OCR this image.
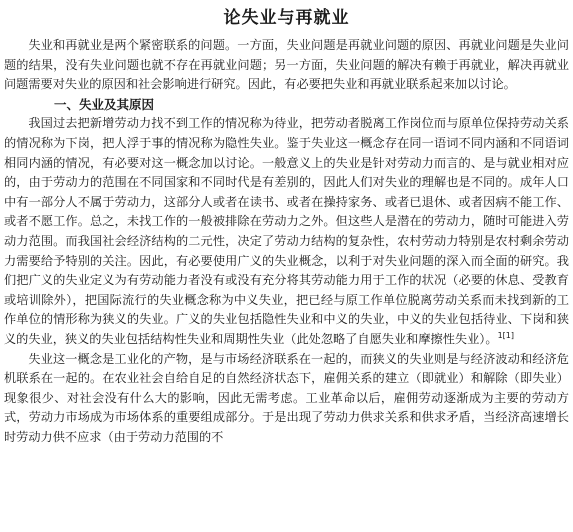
论失业与再就业

失业和再就业是两个紧密联系的问题。一方面，失业问题是再就业问题的原因、再就业问题是失业问题的结果，没有失业问题也就不存在再就业问题；另一方面，失业问题的解决有赖于再就业，解决再就业问题需要对失业的原因和社会影响进行研究。因此，有必要把失业和再就业联系起来加以讨论。

一、失业及其原因

我国过去把新增劳动力找不到工作的情况称为待业，把劳动者脱离工作岗位而与原单位保持劳动关系的情况称为下岗，把人浮于事的情况称为隐性失业。鉴于失业这一概念存在同一语词不同内涵和不同语词相同内涵的情况，有必要对这一概念加以讨论。一般意义上的失业是针对劳动力而言的、是与就业相对应的，由于劳动力的范围在不同国家和不同时代是有差别的，因此人们对失业的理解也是不同的。成年人口中有一部分人不属于劳动力，这部分人或者在读书、或者在操持家务、或者已退休、或者因病不能工作、或者不愿工作。总之，未找工作的一般被排除在劳动力之外。但这些人是潜在的劳动力，随时可能进入劳动力范围。而我国社会经济结构的二元性，决定了劳动力结构的复杂性，农村劳动力特别是农村剩余劳动力需要给予特别的关注。因此，有必要使用广义的失业概念，以利于对失业问题的深入而全面的研究。我们把广义的失业定义为有劳动能力者没有或没有充分将其劳动能力用于工作的状况（必要的休息、受教育或培训除外），把国际流行的失业概念称为中义失业，把已经与原工作单位脱离劳动关系而未找到新的工作单位的情形称为狭义的失业。广义的失业包括隐性失业和中义的失业，中义的失业包括待业、下岗和狭义的失业，狭义的失业包括结构性失业和周期性失业（此处忽略了自愿失业和摩擦性失业）。$^{1[1]}$

失业这一概念是工业化的产物，是与市场经济联系在一起的，而狭义的失业则是与经济波动和经济危机联系在一起的。在农业社会自给自足的自然经济状态下，雇佣关系的建立（即就业）和解除（即失业）现象很少、对社会没有什么大的影响，因此无需考虑。工业革命以后，雇佣劳动逐渐成为主要的劳动方式，劳动力市场成为市场体系的重要组成部分。于是出现了劳动力供求关系和供求矛盾，当经济高速增长时劳动力供不应求（由于劳动力范围的不
